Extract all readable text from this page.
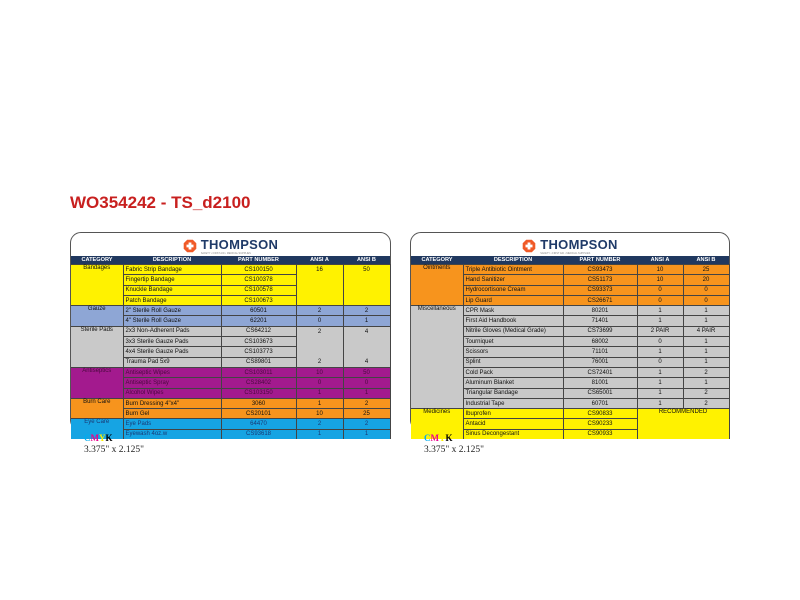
WO354242 - TS_d2100
THOMPSON
SAFETY • FIRST AID • MEDICAL SUPPLIES
CATEGORY	DESCRIPTION	PART NUMBER	ANSI A	ANSI B
Bandages	Fabric Strip Bandage	CS100150	16	50
	Fingertip Bandage	CS100378		
	Knuckle Bandage	CS100578		
	Patch Bandage	CS100673		
Gauze	2" Sterile Roll Gauze	60501	2	2
	4" Sterile Roll Gauze	62201	0	1
Sterile Pads	2x3 Non-Adherent Pads	CS64212	2	4
	3x3 Sterile Gauze Pads	CS103673		
	4x4 Sterile Gauze Pads	CS103773		
	Trauma Pad 5x9	CS89801	2	4
Antiseptics	Antiseptic Wipes	CS103011	10	50
	Antiseptic Spray	CS28402	0	0
	Alcohol Wipes	CS103150	1	1
Burn Care	Burn Dressing 4"x4"	3060	1	2
	Burn Gel	CS20101	10	25
Eye Care	Eye Pads	64470	2	2
	Eyewash 4oz.w	CS93618	1	1
CMYK
3.375" x 2.125"
THOMPSON
SAFETY • FIRST AID • MEDICAL SUPPLIES
CATEGORY	DESCRIPTION	PART NUMBER	ANSI A	ANSI B
Ointments	Triple Antibiotic Ointment	CS93473	10	25
	Hand Sanitizer	CS51173	10	20
	Hydrocortisone Cream	CS93373	0	0
	Lip Guard	CS26671	0	0
Miscellaneous	CPR Mask	80201	1	1
	First Aid Handbook	71401	1	1
	Nitrile Gloves (Medical Grade)	CS73699	2 PAIR	4 PAIR
	Tourniquet	68002	0	1
	Scissors	71101	1	1
	Splint	76001	0	1
	Cold Pack	CS72401	1	2
	Aluminum Blanket	81001	1	1
	Triangular Bandage	CS65001	1	2
	Industrial Tape	60701	1	2
Medicines	Ibuprofen	CS90833	RECOMMENDED	
	Antacid	CS90233		
	Sinus Decongestant	CS90933		
CMYK
3.375" x 2.125"
